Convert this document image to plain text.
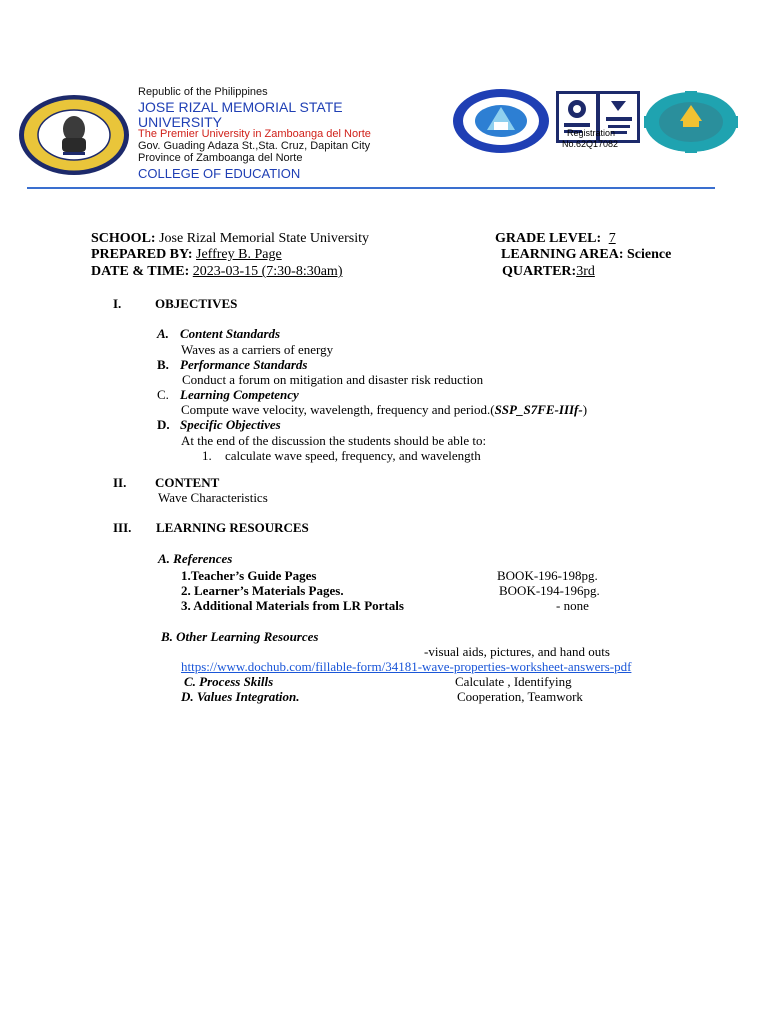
Republic of the Philippines
JOSE RIZAL MEMORIAL STATE
UNIVERSITY
The Premier University in Zamboanga del Norte
Gov. Guading Adaza St.,Sta. Cruz, Dapitan City
Province of Zamboanga del Norte
COLLEGE OF EDUCATION
Registration
No.62Q17082
SCHOOL: Jose Rizal Memorial State University	GRADE LEVEL: 7
PREPARED BY: Jeffrey B. Page	LEARNING AREA: Science
DATE & TIME: 2023-03-15 (7:30-8:30am)	QUARTER:3rd
I.	OBJECTIVES
A. Content Standards
Waves as a carriers of energy
B. Performance Standards
Conduct a forum on mitigation and disaster risk reduction
C. Learning Competency
Compute wave velocity, wavelength, frequency and period.(SSP_S7FE-IIIf-)
D. Specific Objectives
At the end of the discussion the students should be able to:
1. calculate wave speed, frequency, and wavelength
II. CONTENT
Wave Characteristics
III. LEARNING RESOURCES
A. References
1.Teacher’s Guide Pages	BOOK-196-198pg.
2. Learner’s Materials Pages.	BOOK-194-196pg.
3. Additional Materials from LR Portals	- none
B. Other Learning Resources
-visual aids, pictures, and hand outs
https://www.dochub.com/fillable-form/34181-wave-properties-worksheet-answers-pdf
C. Process Skills	Calculate , Identifying
D. Values Integration.	Cooperation, Teamwork
